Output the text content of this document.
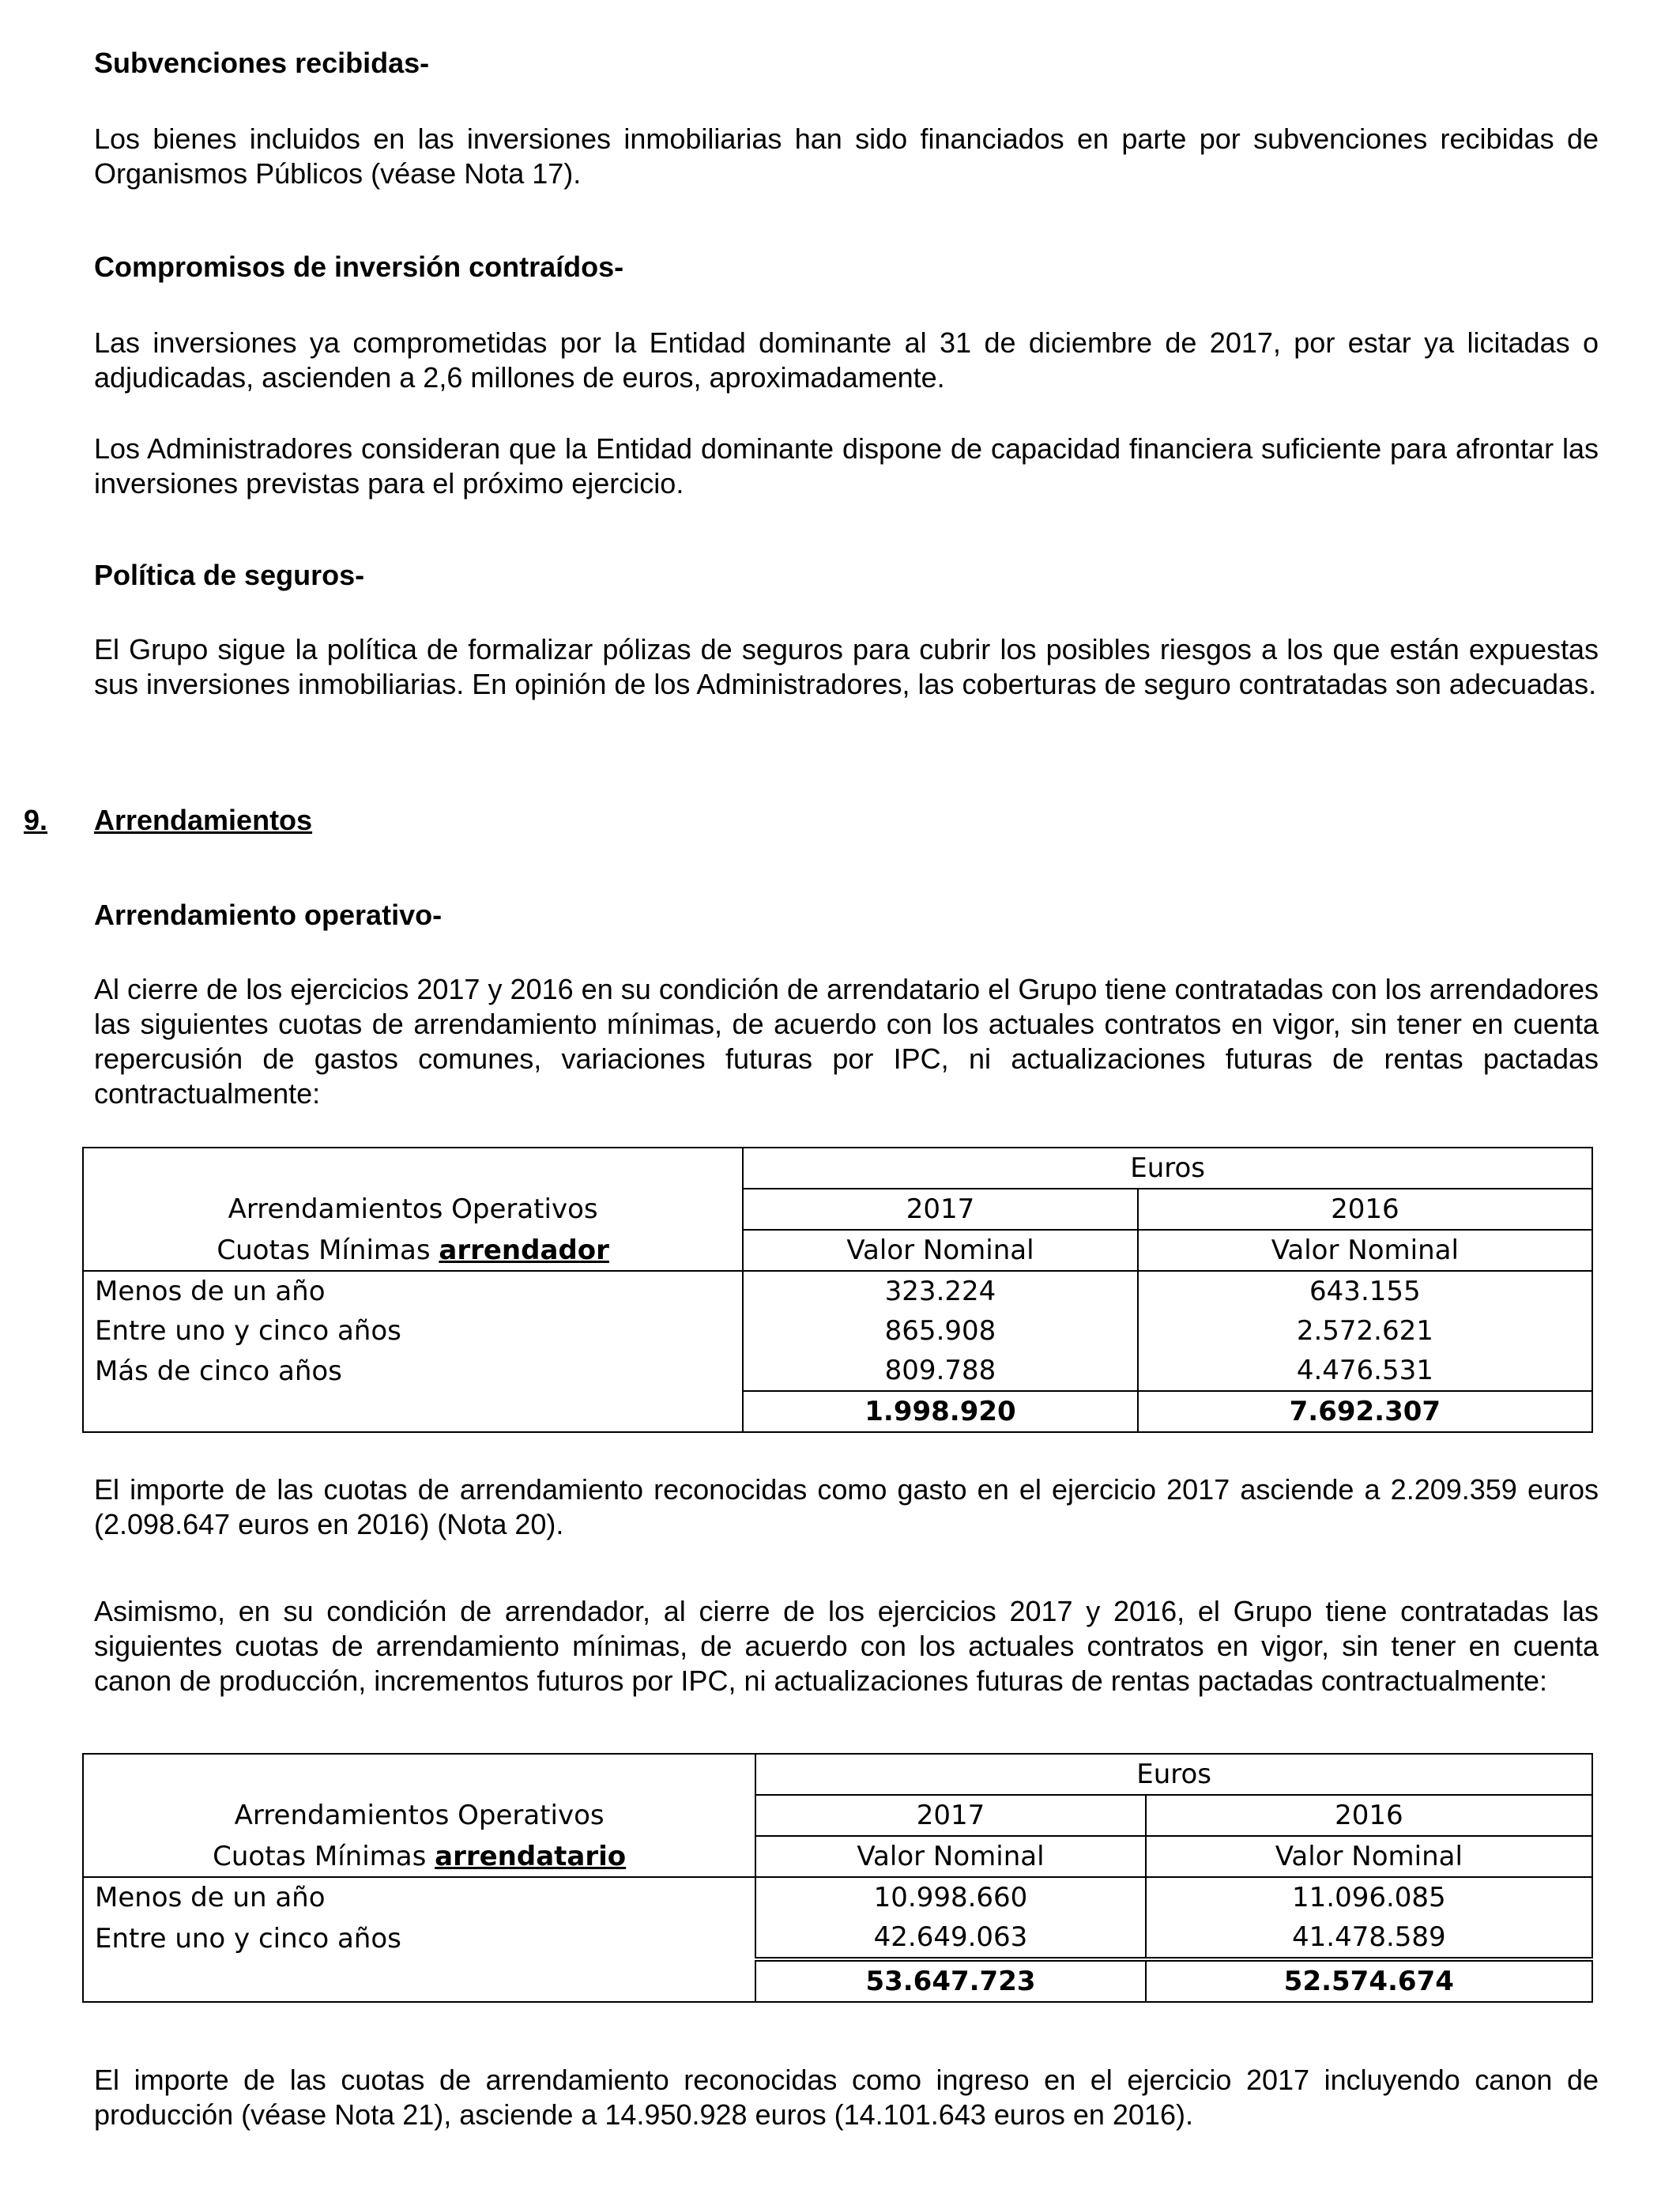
Subvenciones recibidas-

Los bienes incluidos en las inversiones inmobiliarias han sido financiados en parte por subvenciones recibidas de Organismos Públicos (véase Nota 17).

Compromisos de inversión contraídos-

Las inversiones ya comprometidas por la Entidad dominante al 31 de diciembre de 2017, por estar ya licitadas o adjudicadas, ascienden a 2,6 millones de euros, aproximadamente.

Los Administradores consideran que la Entidad dominante dispone de capacidad financiera suficiente para afrontar las inversiones previstas para el próximo ejercicio.

Política de seguros-

El Grupo sigue la política de formalizar pólizas de seguros para cubrir los posibles riesgos a los que están expuestas sus inversiones inmobiliarias. En opinión de los Administradores, las coberturas de seguro contratadas son adecuadas.

9. Arrendamientos

Arrendamiento operativo-

Al cierre de los ejercicios 2017 y 2016 en su condición de arrendatario el Grupo tiene contratadas con los arrendadores las siguientes cuotas de arrendamiento mínimas, de acuerdo con los actuales contratos en vigor, sin tener en cuenta repercusión de gastos comunes, variaciones futuras por IPC, ni actualizaciones futuras de rentas pactadas contractualmente:

	Euros	
Arrendamientos Operativos	2017	2016
Cuotas Mínimas arrendador	Valor Nominal	Valor Nominal
Menos de un año	323.224	643.155
Entre uno y cinco años	865.908	2.572.621
Más de cinco años	809.788	4.476.531
	1.998.920	7.692.307

El importe de las cuotas de arrendamiento reconocidas como gasto en el ejercicio 2017 asciende a 2.209.359 euros (2.098.647 euros en 2016) (Nota 20).

Asimismo, en su condición de arrendador, al cierre de los ejercicios 2017 y 2016, el Grupo tiene contratadas las siguientes cuotas de arrendamiento mínimas, de acuerdo con los actuales contratos en vigor, sin tener en cuenta canon de producción, incrementos futuros por IPC, ni actualizaciones futuras de rentas pactadas contractualmente:

	Euros	
Arrendamientos Operativos	2017	2016
Cuotas Mínimas arrendatario	Valor Nominal	Valor Nominal
Menos de un año	10.998.660	11.096.085
Entre uno y cinco años	42.649.063	41.478.589
	53.647.723	52.574.674

El importe de las cuotas de arrendamiento reconocidas como ingreso en el ejercicio 2017 incluyendo canon de producción (véase Nota 21), asciende a 14.950.928 euros (14.101.643 euros en 2016).
